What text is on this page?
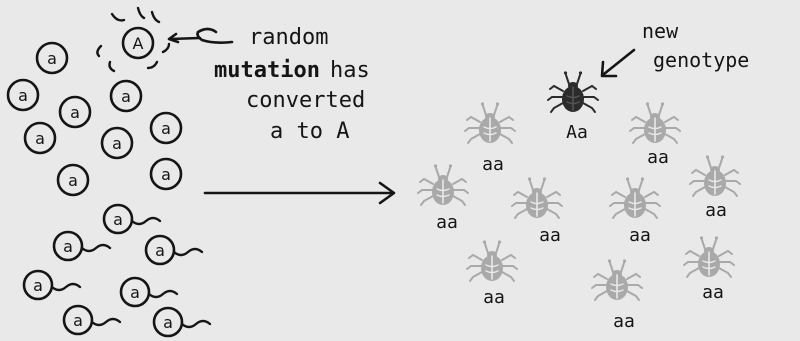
A
a
a
a
a
a
a	a
a	a
a
a	a
a	a
a	a
random
mutation has
converted
a to A
new
genotype
Aa
aa	aa
aa
aa	aa
aa
aa
aa
aa
